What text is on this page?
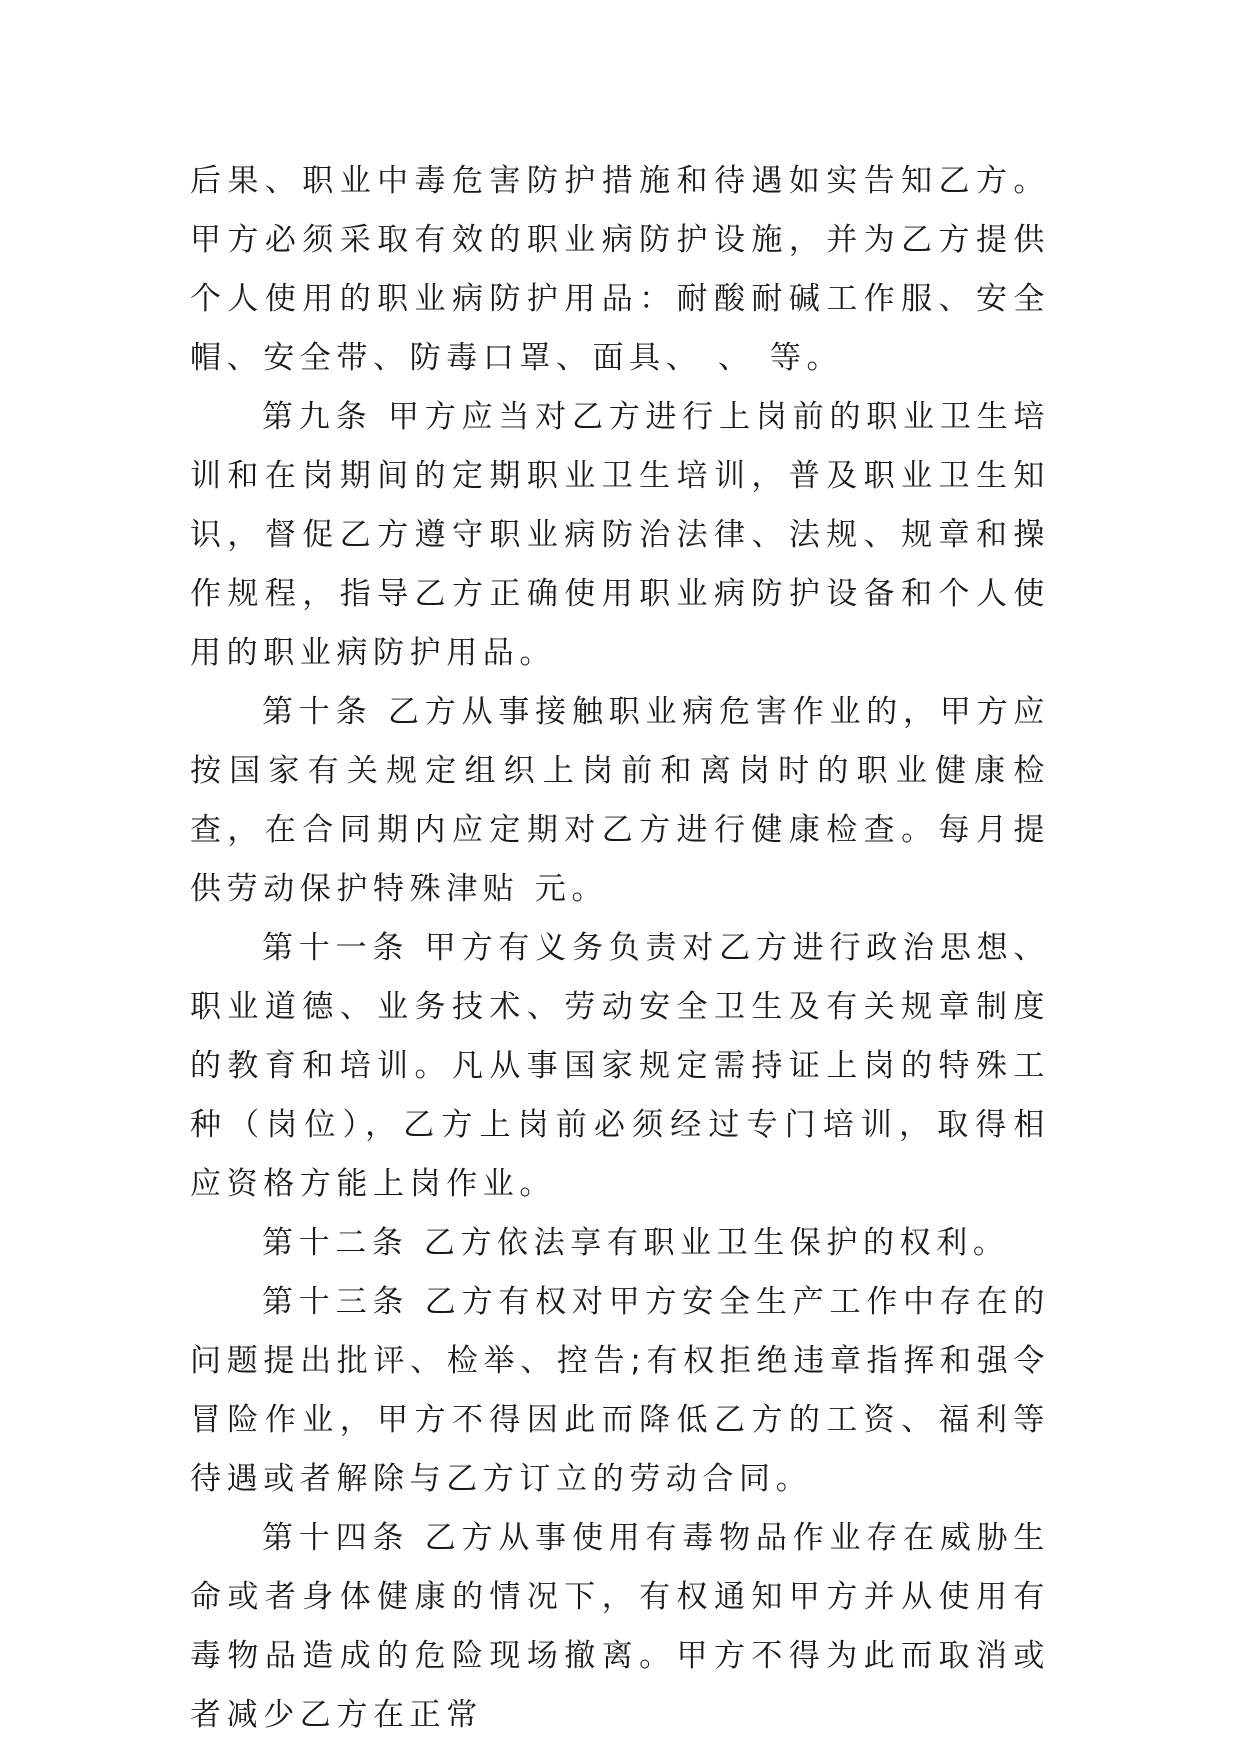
后果、职业中毒危害防护措施和待遇如实告知乙方。甲方必须采取有效的职业病防护设施，并为乙方提供个人使用的职业病防护用品：耐酸耐碱工作服、安全帽、安全带、防毒口罩、面具、 、 等。

第九条 甲方应当对乙方进行上岗前的职业卫生培训和在岗期间的定期职业卫生培训，普及职业卫生知识，督促乙方遵守职业病防治法律、法规、规章和操作规程，指导乙方正确使用职业病防护设备和个人使用的职业病防护用品。

第十条 乙方从事接触职业病危害作业的，甲方应按国家有关规定组织上岗前和离岗时的职业健康检查，在合同期内应定期对乙方进行健康检查。每月提供劳动保护特殊津贴 元。

第十一条 甲方有义务负责对乙方进行政治思想、职业道德、业务技术、劳动安全卫生及有关规章制度的教育和培训。凡从事国家规定需持证上岗的特殊工种（岗位），乙方上岗前必须经过专门培训，取得相应资格方能上岗作业。

第十二条 乙方依法享有职业卫生保护的权利。

第十三条 乙方有权对甲方安全生产工作中存在的问题提出批评、检举、控告;有权拒绝违章指挥和强令冒险作业，甲方不得因此而降低乙方的工资、福利等待遇或者解除与乙方订立的劳动合同。

第十四条 乙方从事使用有毒物品作业存在威胁生命或者身体健康的情况下，有权通知甲方并从使用有毒物品造成的危险现场撤离。甲方不得为此而取消或者减少乙方在正常
